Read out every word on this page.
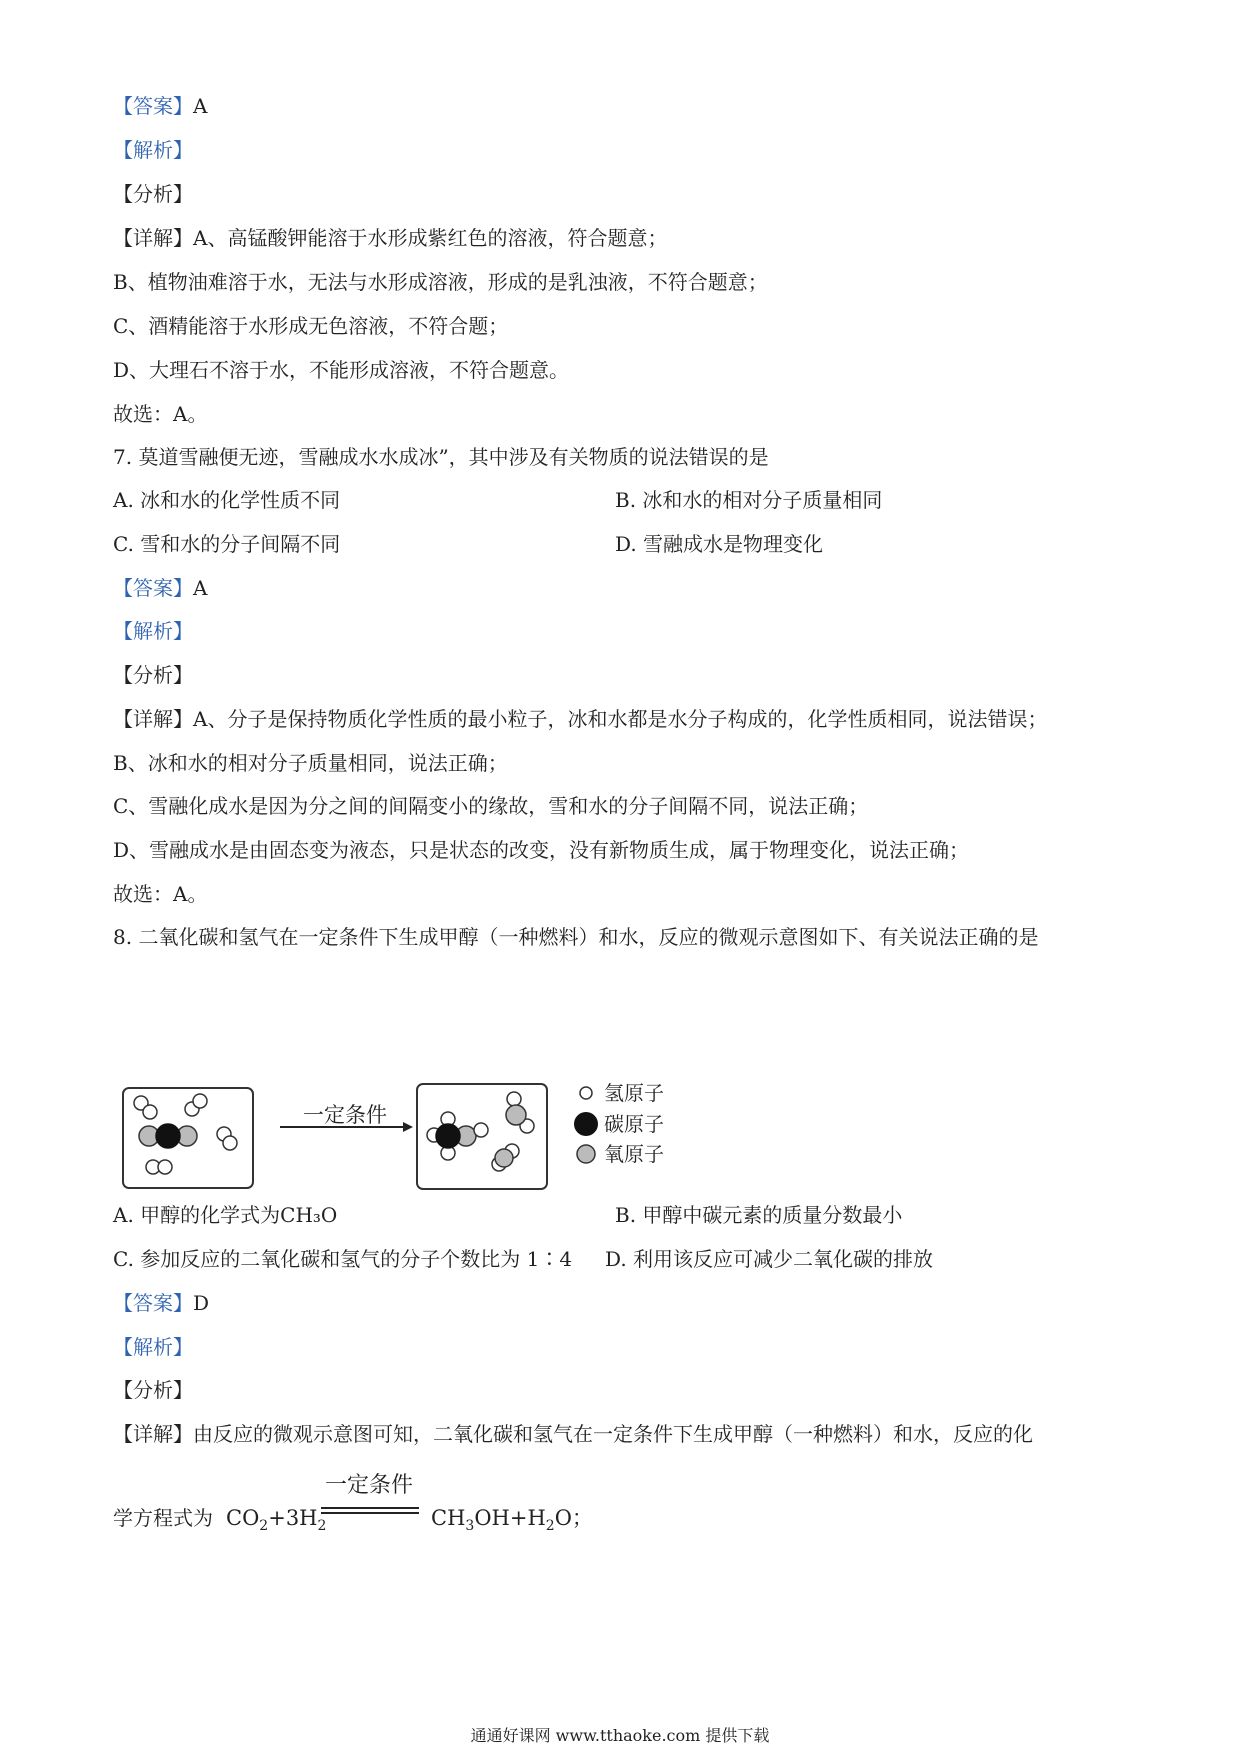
【答案】A
【解析】
【分析】
【详解】A、高锰酸钾能溶于水形成紫红色的溶液，符合题意；
B、植物油难溶于水，无法与水形成溶液，形成的是乳浊液，不符合题意；
C、酒精能溶于水形成无色溶液，不符合题；
D、大理石不溶于水，不能形成溶液，不符合题意。
故选：A。
7. 莫道雪融便无迹，雪融成水水成冰”，其中涉及有关物质的说法错误的是
A. 冰和水的化学性质不同	B. 冰和水的相对分子质量相同
C. 雪和水的分子间隔不同	D. 雪融成水是物理变化
【答案】A
【解析】
【分析】
【详解】A、分子是保持物质化学性质的最小粒子，冰和水都是水分子构成的，化学性质相同，说法错误；
B、冰和水的相对分子质量相同，说法正确；
C、雪融化成水是因为分之间的间隔变小的缘故，雪和水的分子间隔不同，说法正确；
D、雪融成水是由固态变为液态，只是状态的改变，没有新物质生成，属于物理变化，说法正确；
故选：A。
8. 二氧化碳和氢气在一定条件下生成甲醇（一种燃料）和水，反应的微观示意图如下、有关说法正确的是
一定条件
氢原子
碳原子
氧原子
A. 甲醇的化学式为CH₃O	B. 甲醇中碳元素的质量分数最小
C. 参加反应的二氧化碳和氢气的分子个数比为 1∶4 D. 利用该反应可减少二氧化碳的排放
【答案】D
【解析】
【分析】
【详解】由反应的微观示意图可知，二氧化碳和氢气在一定条件下生成甲醇（一种燃料）和水，反应的化
学方程式为 $CO_2+3H_2$
一定条件
$CH_3OH+H_2O$；
通通好课网 www.tthaoke.com 提供下载
